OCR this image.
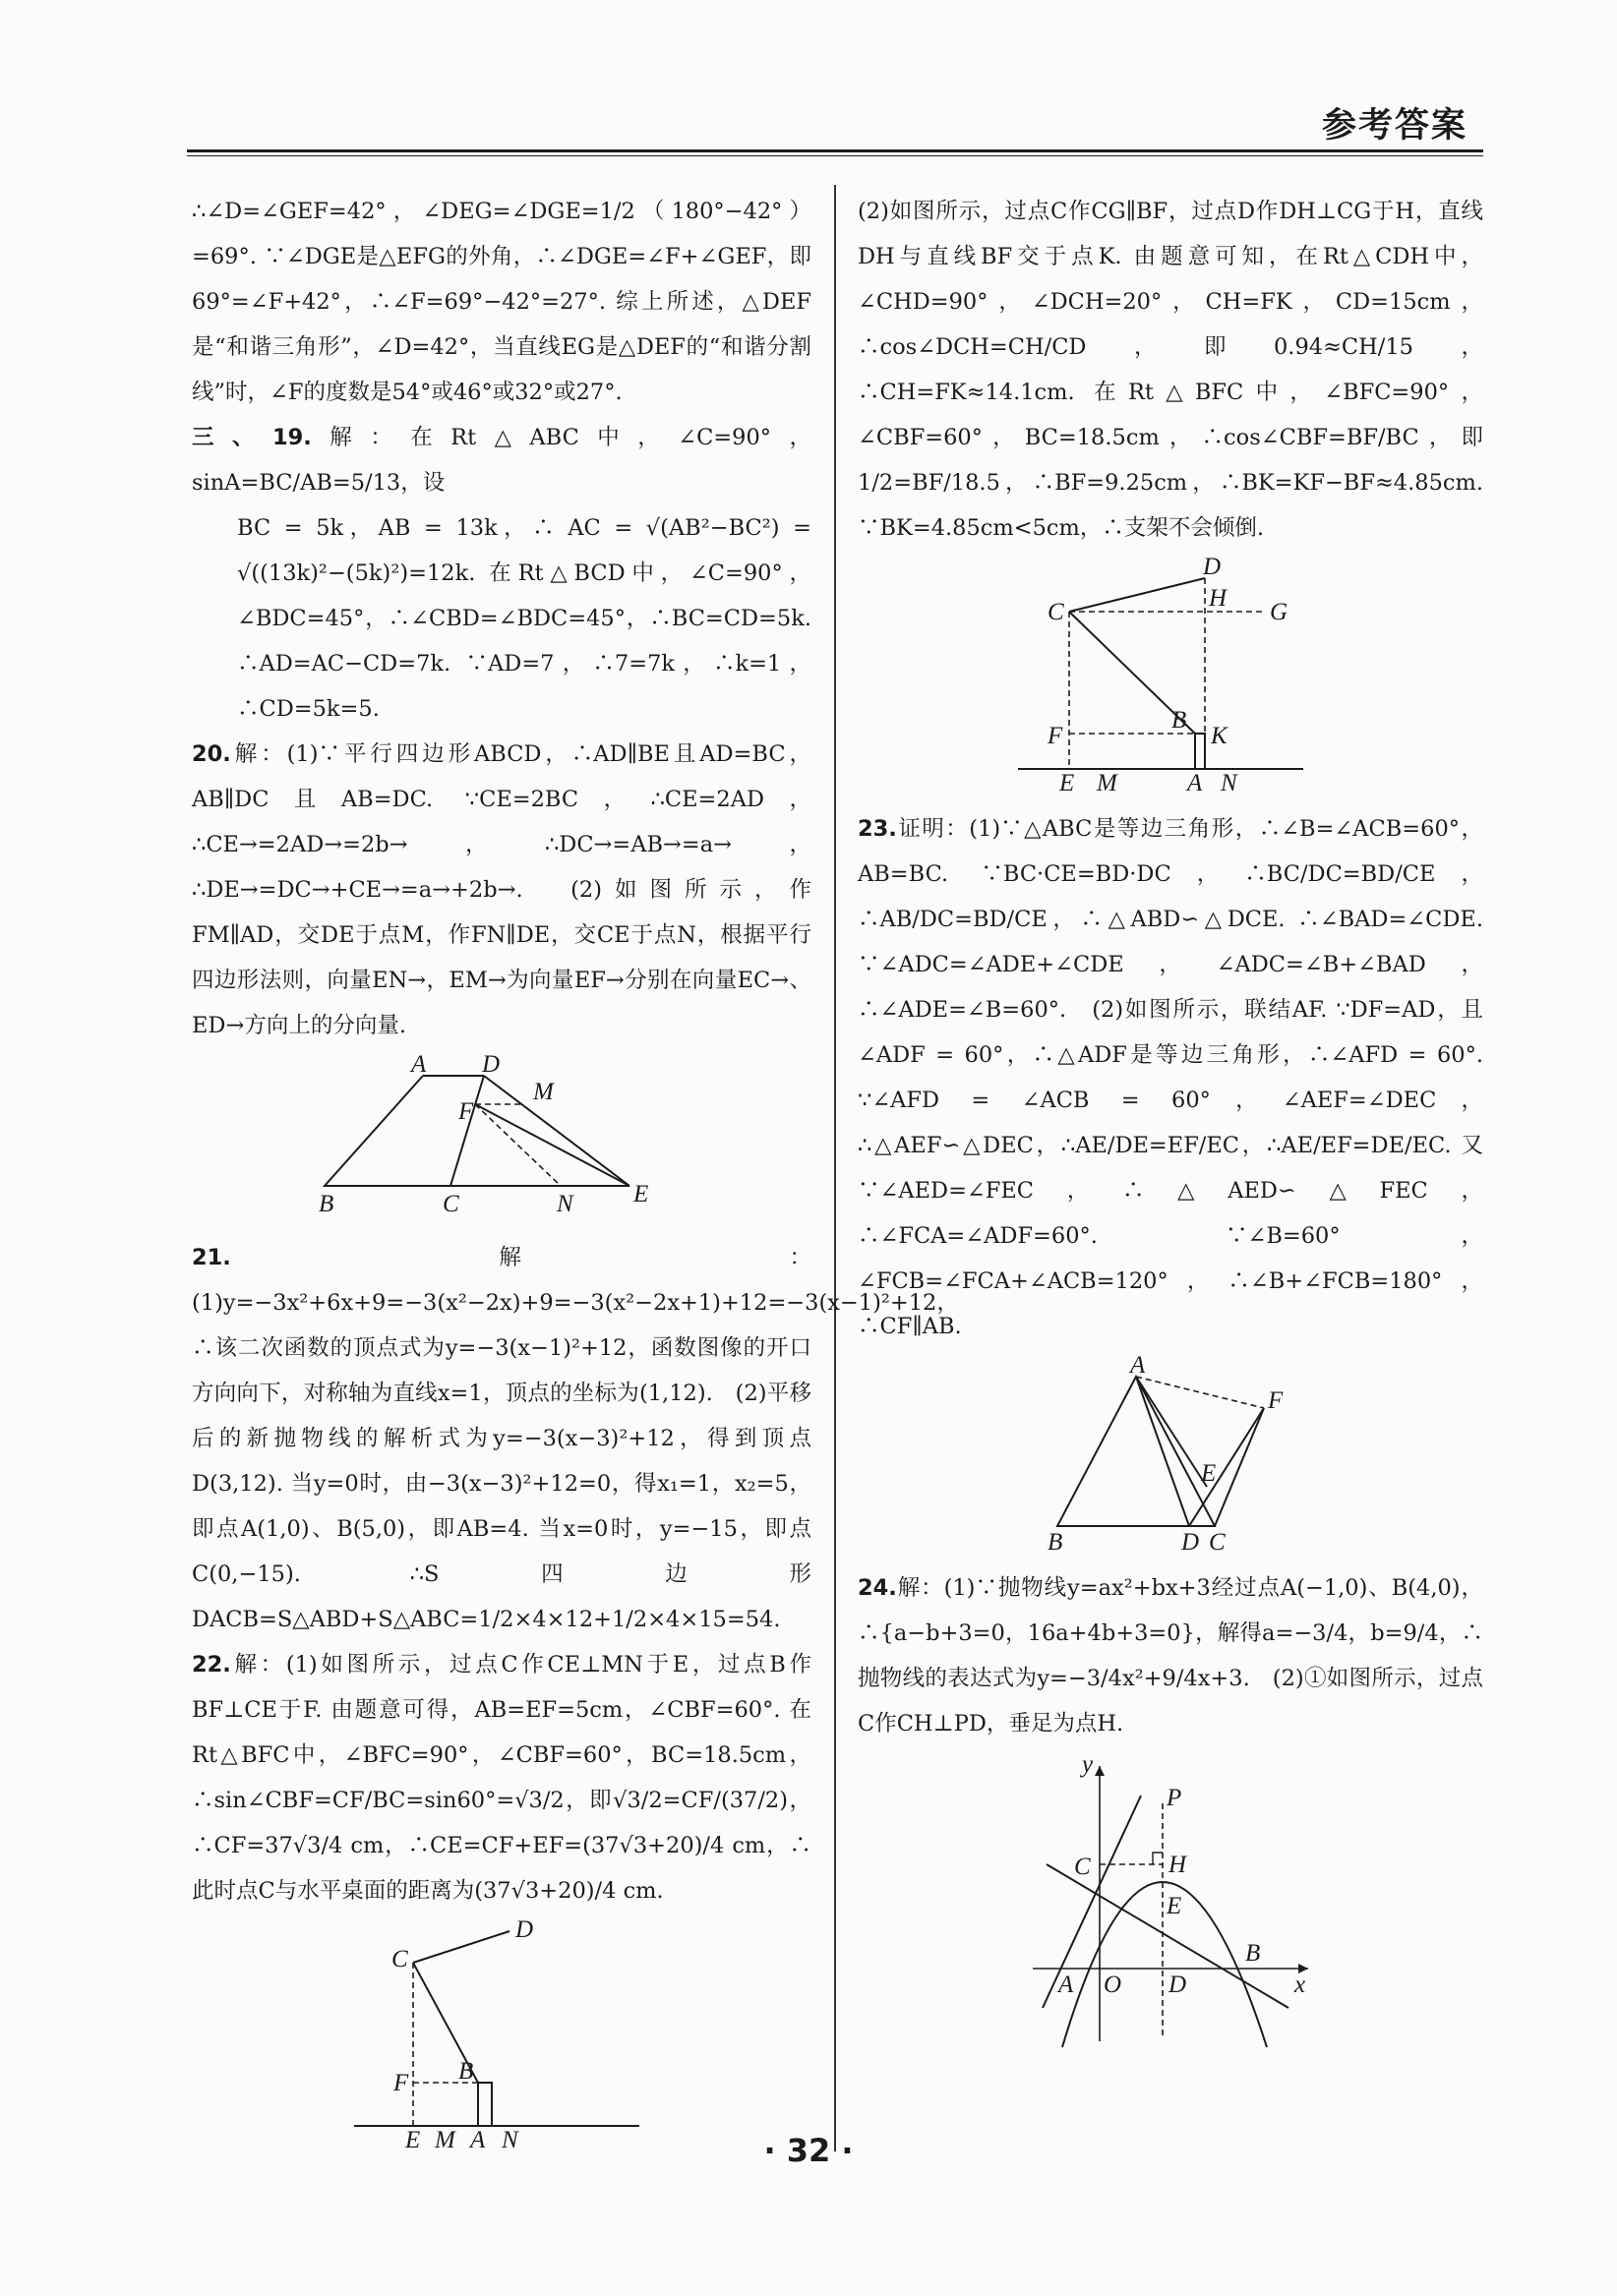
参考答案

∴∠D=∠GEF=42°，∠DEG=∠DGE=1/2（180°−42°）=69°. ∵∠DGE是△EFG的外角，∴∠DGE=∠F+∠GEF，即69°=∠F+42°，∴∠F=69°−42°=27°. 综上所述，△DEF是“和谐三角形”，∠D=42°，当直线EG是△DEF的“和谐分割线”时，∠F的度数是54°或46°或32°或27°.

三、19.解：在Rt△ABC中，∠C=90°，sinA=BC/AB=5/13，设

BC = 5k，AB = 13k，∴ AC = √(AB²−BC²) = √((13k)²−(5k)²)=12k. 在Rt△BCD中，∠C=90°，∠BDC=45°，∴∠CBD=∠BDC=45°，∴BC=CD=5k. ∴AD=AC−CD=7k. ∵AD=7，∴7=7k，∴k=1，∴CD=5k=5.

20.解：(1)∵平行四边形ABCD，∴AD∥BE且AD=BC，AB∥DC且AB=DC. ∵CE=2BC，∴CE=2AD，∴CE→=2AD→=2b→，∴DC→=AB→=a→，∴DE→=DC→+CE→=a→+2b→.　(2)如图所示，作FM∥AD，交DE于点M，作FN∥DE，交CE于点N，根据平行四边形法则，向量EN→，EM→为向量EF→分别在向量EC→、ED→方向上的分向量.

A D
M
F
B	C	N E

21.解：(1)y=−3x²+6x+9=−3(x²−2x)+9=−3(x²−2x+1)+12=−3(x−1)²+12，∴该二次函数的顶点式为y=−3(x−1)²+12，函数图像的开口方向向下，对称轴为直线x=1，顶点的坐标为(1,12).　(2)平移后的新抛物线的解析式为y=−3(x−3)²+12，得到顶点D(3,12). 当y=0时，由−3(x−3)²+12=0，得x₁=1，x₂=5，即点A(1,0)、B(5,0)，即AB=4. 当x=0时，y=−15，即点C(0,−15). ∴S四边形DACB=S△ABD+S△ABC=1/2×4×12+1/2×4×15=54.

22.解：(1)如图所示，过点C作CE⊥MN于E，过点B作BF⊥CE于F. 由题意可得，AB=EF=5cm，∠CBF=60°. 在Rt△BFC中，∠BFC=90°，∠CBF=60°，BC=18.5cm，∴sin∠CBF=CF/BC=sin60°=√3/2，即√3/2=CF/(37/2)，∴CF=37√3/4 cm，∴CE=CF+EF=(37√3+20)/4 cm，∴此时点C与水平桌面的距离为(37√3+20)/4 cm.

C
D
F B
E M A N

(2)如图所示，过点C作CG∥BF，过点D作DH⊥CG于H，直线DH与直线BF交于点K. 由题意可知，在Rt△CDH中，∠CHD=90°，∠DCH=20°，CH=FK，CD=15cm，∴cos∠DCH=CH/CD，即0.94≈CH/15，∴CH=FK≈14.1cm. 在Rt△BFC中，∠BFC=90°，∠CBF=60°，BC=18.5cm，∴cos∠CBF=BF/BC，即1/2=BF/18.5，∴BF=9.25cm，∴BK=KF−BF≈4.85cm. ∵BK=4.85cm<5cm，∴支架不会倾倒.

D
C
H
G
F
B
K
E M	A N

23.证明：(1)∵△ABC是等边三角形，∴∠B=∠ACB=60°，AB=BC. ∵BC·CE=BD·DC，∴BC/DC=BD/CE，∴AB/DC=BD/CE，∴△ABD∽△DCE. ∴∠BAD=∠CDE. ∵∠ADC=∠ADE+∠CDE，∠ADC=∠B+∠BAD，∴∠ADE=∠B=60°.　(2)如图所示，联结AF. ∵DF=AD，且∠ADF = 60°，∴△ADF是等边三角形，∴∠AFD = 60°. ∵∠AFD = ∠ACB = 60°，∠AEF=∠DEC，∴△AEF∽△DEC，∴AE/DE=EF/EC，∴AE/EF=DE/EC. 又∵∠AED=∠FEC，∴△AED∽△FEC，∴∠FCA=∠ADF=60°. ∵∠B=60°，∠FCB=∠FCA+∠ACB=120°，∴∠B+∠FCB=180°，∴CF∥AB.

A
F
E
B	D C

24.解：(1)∵抛物线y=ax²+bx+3经过点A(−1,0)、B(4,0)，∴{a−b+3=0，16a+4b+3=0}，解得a=−3/4，b=9/4，∴抛物线的表达式为y=−3/4x²+9/4x+3.　(2)①如图所示，过点C作CH⊥PD，垂足为点H.

y
P
C	H
E
B
A O D	x
· 32 ·
